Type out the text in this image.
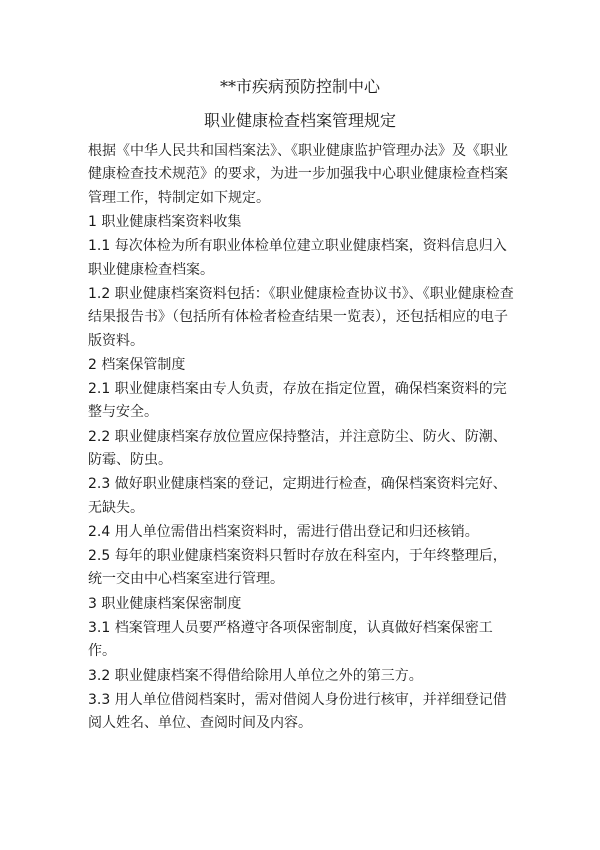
**市疾病预防控制中心
职业健康检查档案管理规定

根据《中华人民共和国档案法》、《职业健康监护管理办法》及《职业健康检查技术规范》的要求，为进一步加强我中心职业健康检查档案管理工作，特制定如下规定。

1 职业健康档案资料收集

1.1 每次体检为所有职业体检单位建立职业健康档案，资料信息归入职业健康检查档案。

1.2 职业健康档案资料包括：《职业健康检查协议书》、《职业健康检查结果报告书》（包括所有体检者检查结果一览表），还包括相应的电子版资料。

2 档案保管制度

2.1 职业健康档案由专人负责，存放在指定位置，确保档案资料的完整与安全。

2.2 职业健康档案存放位置应保持整洁，并注意防尘、防火、防潮、防霉、防虫。

2.3 做好职业健康档案的登记，定期进行检查，确保档案资料完好、无缺失。

2.4 用人单位需借出档案资料时，需进行借出登记和归还核销。

2.5 每年的职业健康档案资料只暂时存放在科室内，于年终整理后，统一交由中心档案室进行管理。

3 职业健康档案保密制度

3.1 档案管理人员要严格遵守各项保密制度，认真做好档案保密工作。

3.2 职业健康档案不得借给除用人单位之外的第三方。

3.3 用人单位借阅档案时，需对借阅人身份进行核审，并祥细登记借阅人姓名、单位、查阅时间及内容。
